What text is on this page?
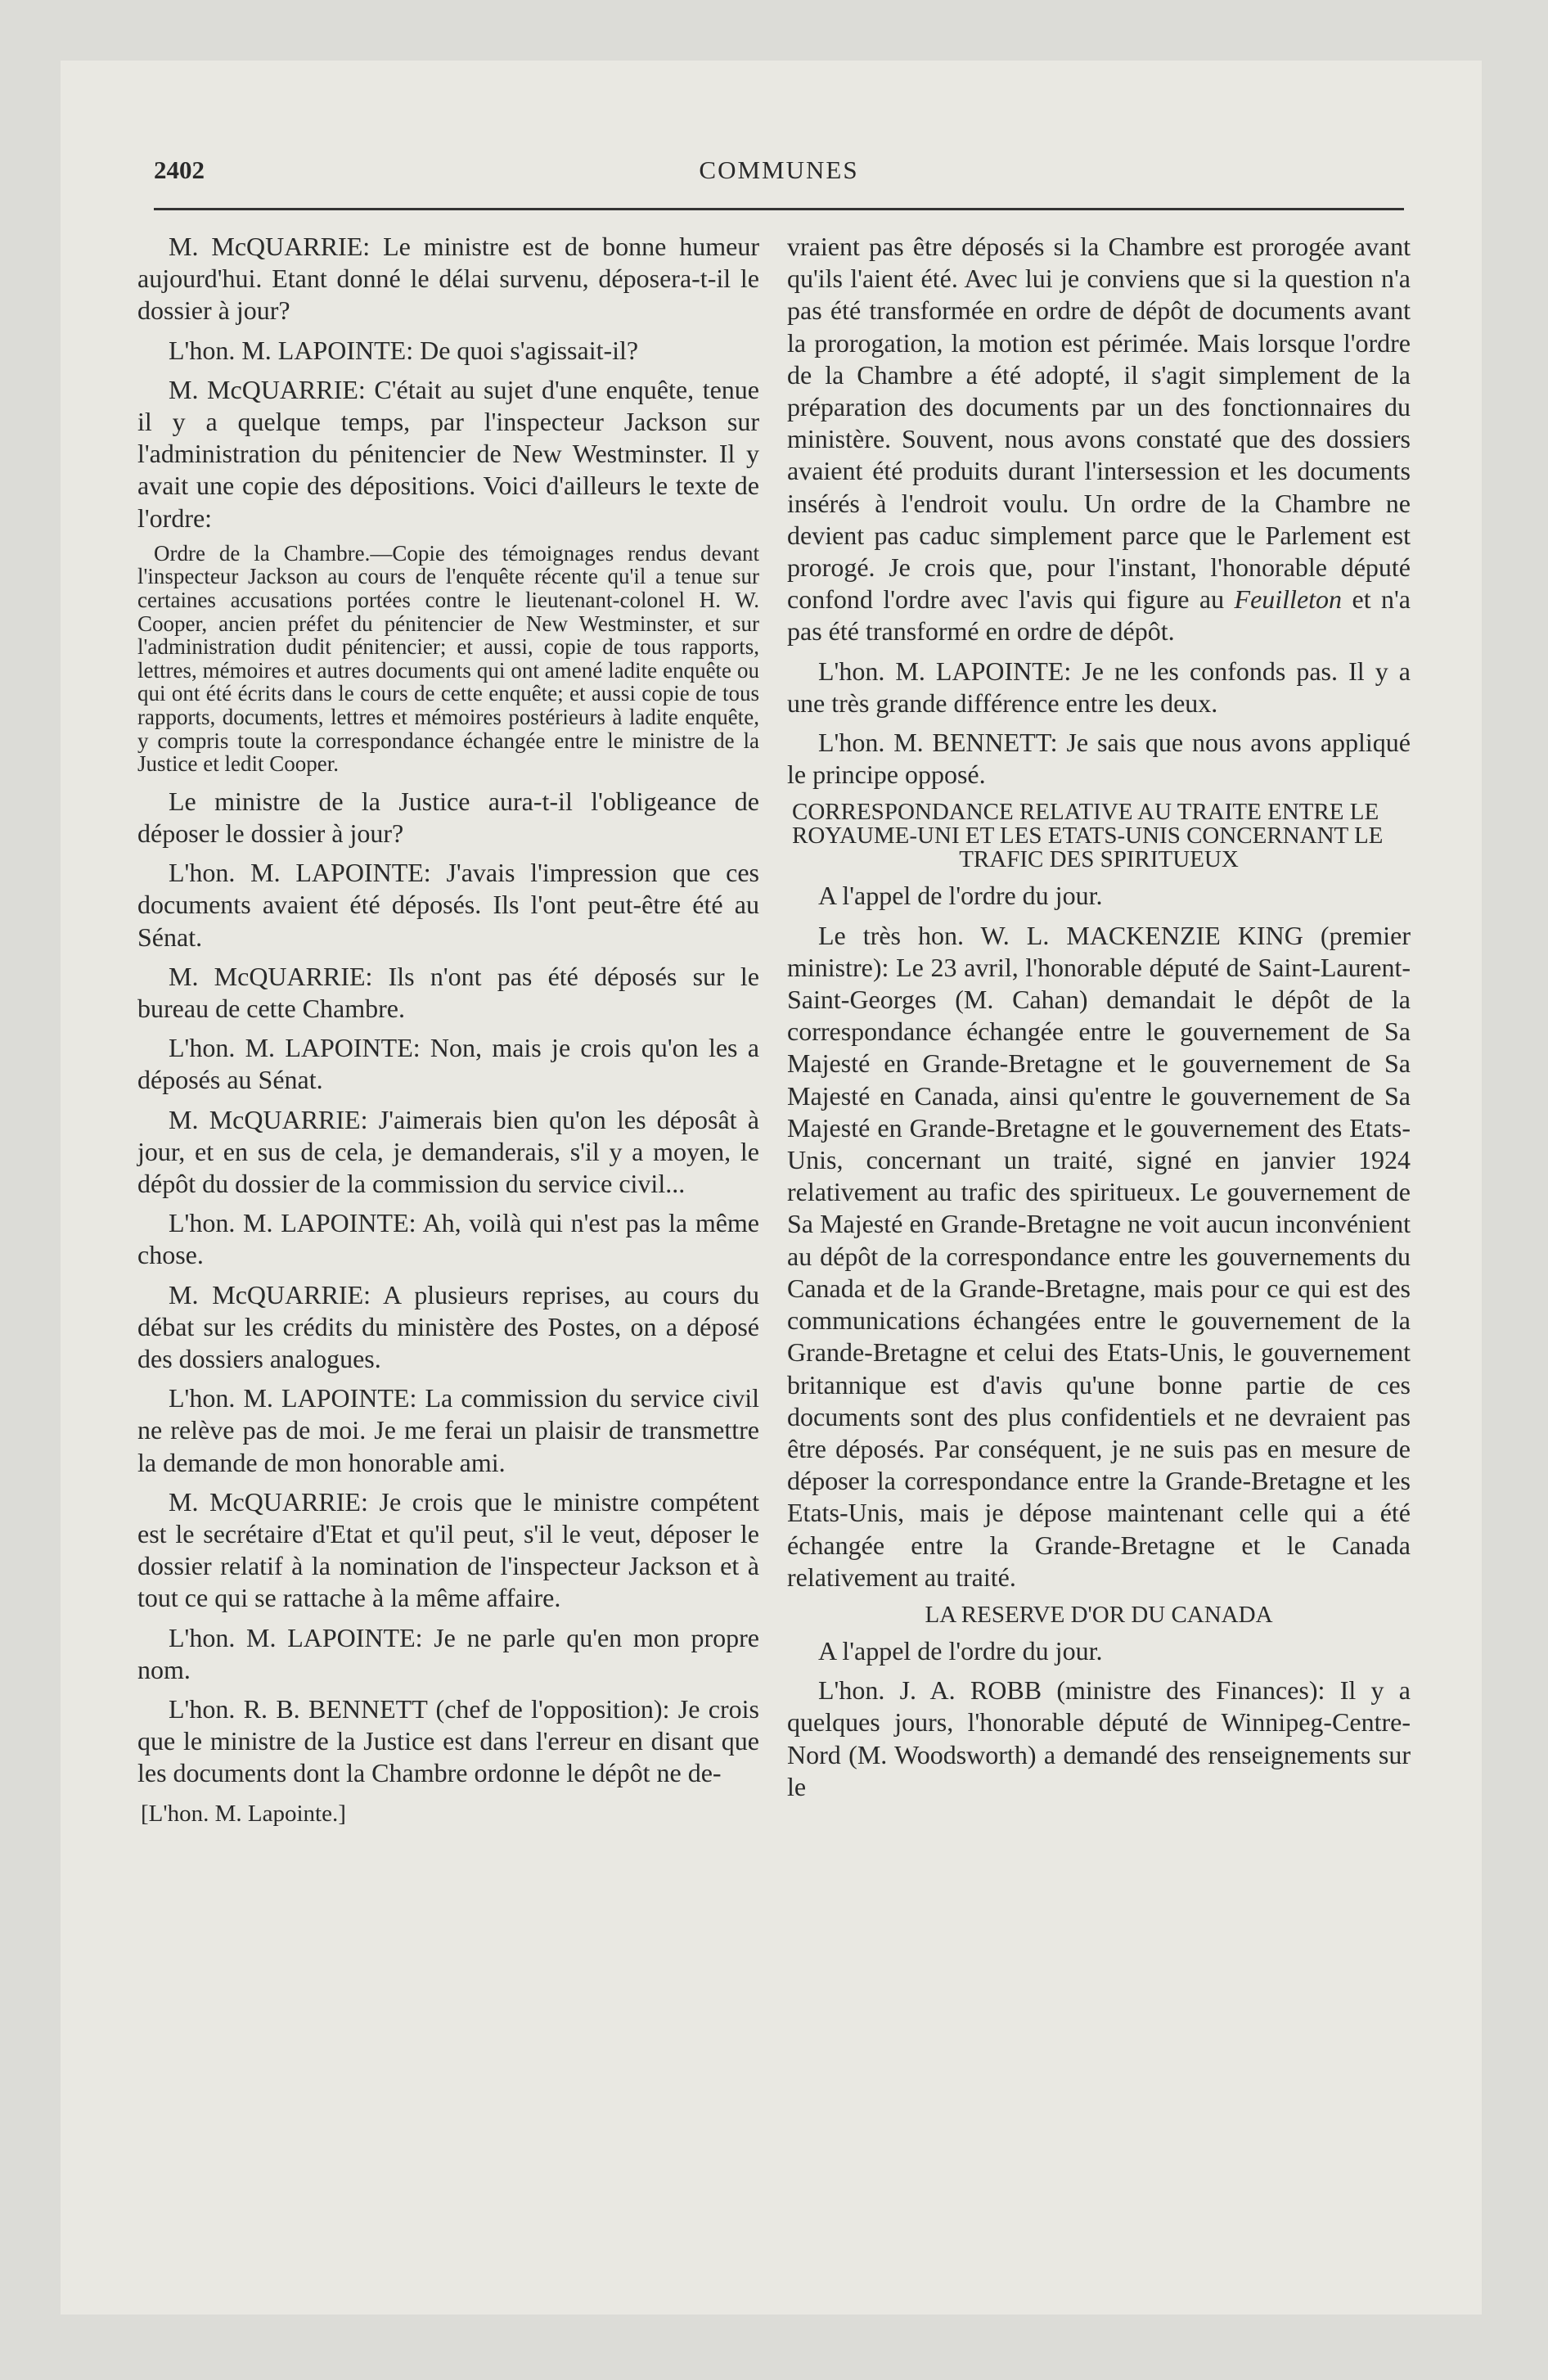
2402	COMMUNES

M. McQUARRIE: Le ministre est de bonne humeur aujourd'hui. Etant donné le délai survenu, déposera-t-il le dossier à jour?

L'hon. M. LAPOINTE: De quoi s'agissait-il?

M. McQUARRIE: C'était au sujet d'une enquête, tenue il y a quelque temps, par l'inspecteur Jackson sur l'administration du pénitencier de New Westminster. Il y avait une copie des dépositions. Voici d'ailleurs le texte de l'ordre:

Ordre de la Chambre.—Copie des témoignages rendus devant l'inspecteur Jackson au cours de l'enquête récente qu'il a tenue sur certaines accusations portées contre le lieutenant-colonel H. W. Cooper, ancien préfet du pénitencier de New Westminster, et sur l'administration dudit pénitencier; et aussi, copie de tous rapports, lettres, mémoires et autres documents qui ont amené ladite enquête ou qui ont été écrits dans le cours de cette enquête; et aussi copie de tous rapports, documents, lettres et mémoires postérieurs à ladite enquête, y compris toute la correspondance échangée entre le ministre de la Justice et ledit Cooper.

Le ministre de la Justice aura-t-il l'obligeance de déposer le dossier à jour?

L'hon. M. LAPOINTE: J'avais l'impression que ces documents avaient été déposés. Ils l'ont peut-être été au Sénat.

M. McQUARRIE: Ils n'ont pas été déposés sur le bureau de cette Chambre.

L'hon. M. LAPOINTE: Non, mais je crois qu'on les a déposés au Sénat.

M. McQUARRIE: J'aimerais bien qu'on les déposât à jour, et en sus de cela, je demanderais, s'il y a moyen, le dépôt du dossier de la commission du service civil...

L'hon. M. LAPOINTE: Ah, voilà qui n'est pas la même chose.

M. McQUARRIE: A plusieurs reprises, au cours du débat sur les crédits du ministère des Postes, on a déposé des dossiers analogues.

L'hon. M. LAPOINTE: La commission du service civil ne relève pas de moi. Je me ferai un plaisir de transmettre la demande de mon honorable ami.

M. McQUARRIE: Je crois que le ministre compétent est le secrétaire d'Etat et qu'il peut, s'il le veut, déposer le dossier relatif à la nomination de l'inspecteur Jackson et à tout ce qui se rattache à la même affaire.

L'hon. M. LAPOINTE: Je ne parle qu'en mon propre nom.

L'hon. R. B. BENNETT (chef de l'opposition): Je crois que le ministre de la Justice est dans l'erreur en disant que les documents dont la Chambre ordonne le dépôt ne de-

[L'hon. M. Lapointe.]

vraient pas être déposés si la Chambre est prorogée avant qu'ils l'aient été. Avec lui je conviens que si la question n'a pas été transformée en ordre de dépôt de documents avant la prorogation, la motion est périmée. Mais lorsque l'ordre de la Chambre a été adopté, il s'agit simplement de la préparation des documents par un des fonctionnaires du ministère. Souvent, nous avons constaté que des dossiers avaient été produits durant l'intersession et les documents insérés à l'endroit voulu. Un ordre de la Chambre ne devient pas caduc simplement parce que le Parlement est prorogé. Je crois que, pour l'instant, l'honorable député confond l'ordre avec l'avis qui figure au Feuilleton et n'a pas été transformé en ordre de dépôt.

L'hon. M. LAPOINTE: Je ne les confonds pas. Il y a une très grande différence entre les deux.

L'hon. M. BENNETT: Je sais que nous avons appliqué le principe opposé.

CORRESPONDANCE RELATIVE AU TRAITE ENTRE LE ROYAUME-UNI ET LES ETATS-UNIS CONCERNANT LE TRAFIC DES SPIRITUEUX

A l'appel de l'ordre du jour.

Le très hon. W. L. MACKENZIE KING (premier ministre): Le 23 avril, l'honorable député de Saint-Laurent-Saint-Georges (M. Cahan) demandait le dépôt de la correspondance échangée entre le gouvernement de Sa Majesté en Grande-Bretagne et le gouvernement de Sa Majesté en Canada, ainsi qu'entre le gouvernement de Sa Majesté en Grande-Bretagne et le gouvernement des Etats-Unis, concernant un traité, signé en janvier 1924 relativement au trafic des spiritueux. Le gouvernement de Sa Majesté en Grande-Bretagne ne voit aucun inconvénient au dépôt de la correspondance entre les gouvernements du Canada et de la Grande-Bretagne, mais pour ce qui est des communications échangées entre le gouvernement de la Grande-Bretagne et celui des Etats-Unis, le gouvernement britannique est d'avis qu'une bonne partie de ces documents sont des plus confidentiels et ne devraient pas être déposés. Par conséquent, je ne suis pas en mesure de déposer la correspondance entre la Grande-Bretagne et les Etats-Unis, mais je dépose maintenant celle qui a été échangée entre la Grande-Bretagne et le Canada relativement au traité.

LA RESERVE D'OR DU CANADA

A l'appel de l'ordre du jour.

L'hon. J. A. ROBB (ministre des Finances): Il y a quelques jours, l'honorable député de Winnipeg-Centre-Nord (M. Woodsworth) a demandé des renseignements sur le
